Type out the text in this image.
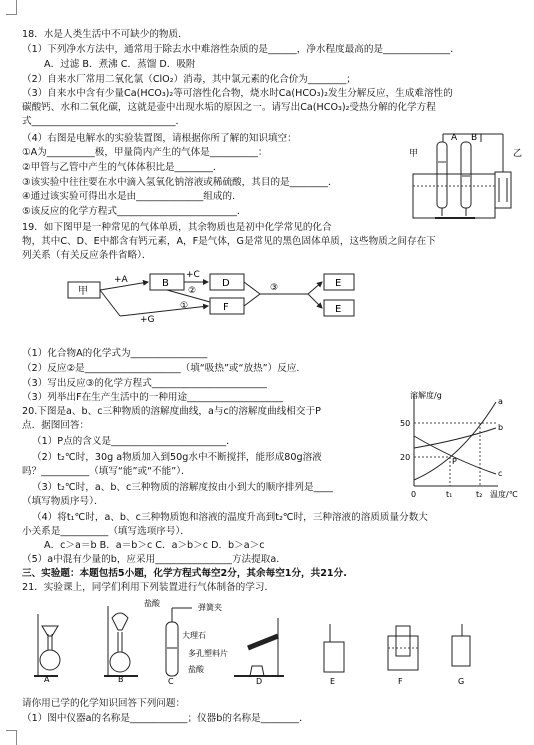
18．水是人类生活中不可缺少的物质．
（1）下列净水方法中，通常用于除去水中难溶性杂质的是______，净水程度最高的是______________．
A．过滤 B．煮沸 C．蒸馏 D．吸附
（2）自来水厂常用二氧化氯（ClO₂）消毒，其中氯元素的化合价为________；
（3）自来水中含有少量Ca(HCO₃)₂等可溶性化合物，烧水时Ca(HCO₃)₂发生分解反应，生成难溶性的
碳酸钙、水和二氧化碳，这就是壶中出现水垢的原因之一。请写出Ca(HCO₃)₂受热分解的化学方程
式______________________________．
（4）右图是电解水的实验装置图，请根据你所了解的知识填空：
①A为__________极，甲量筒内产生的气体是__________：
②甲管与乙管中产生的气体体积比是________．
③该实验中往往要在水中滴入氢氧化钠溶液或稀硫酸，其目的是________．
④通过该实验可得出水是由______________组成的．
⑤该反应的化学方程式_________________________．
A B
甲	乙
19．如下图甲是一种常见的气体单质，其余物质也是初中化学常见的化合
物，其中C、D、E中都含有钙元素，A，F是气体，G是常见的黑色固体单质，这些物质之间存在下
列关系（有关反应条件省略）．
甲
+A	B
+C
②
D
+G
①	F
③	E
E
（1）化合物A的化学式为________________
（2）反应②是____________________（填“吸热”或“放热”）反应．
（3）写出反应③的化学方程式________________________
（3）列举出F在生产生活中的一种用途____________________
20.下图是a、b、c三种物质的溶解度曲线，a与c的溶解度曲线相交于P
点．据图回答：
（1）P点的含义是________________________．
（2）t₂℃时，30g a物质加入到50g水中不断搅拌，能形成80g溶液
吗？__________（填写“能”或“不能”）．
（3）t₂℃时，a、b、c三种物质的溶解度按由小到大的顺序排列是____
（填写物质序号）．
（4）将t₁℃时，a、b、c三种物质饱和溶液的温度升高到t₂℃时，三种溶液的溶质质量分数大
小关系是__________（填写选项序号）．
A．c＞a＝b B．a＝b＞c C．a＞b＞c D．b＞a＞c
（5）a中混有少量的b，应采用________________方法提取a．
溶解度/g
50
20
0	t₁	t₂ 温度/℃
a
b
c
P
三、实验题：本题包括5小题，化学方程式每空2分，其余每空1分，共21分.
21．实验课上，同学们利用下列装置进行气体制备的学习．
A	B
盐酸	弹簧夹
大理石
多孔塑料片
盐酸
C	D	E	F	G
请你用已学的化学知识回答下列问题：
（1）图中仪器a的名称是____________；仪器b的名称是________．
